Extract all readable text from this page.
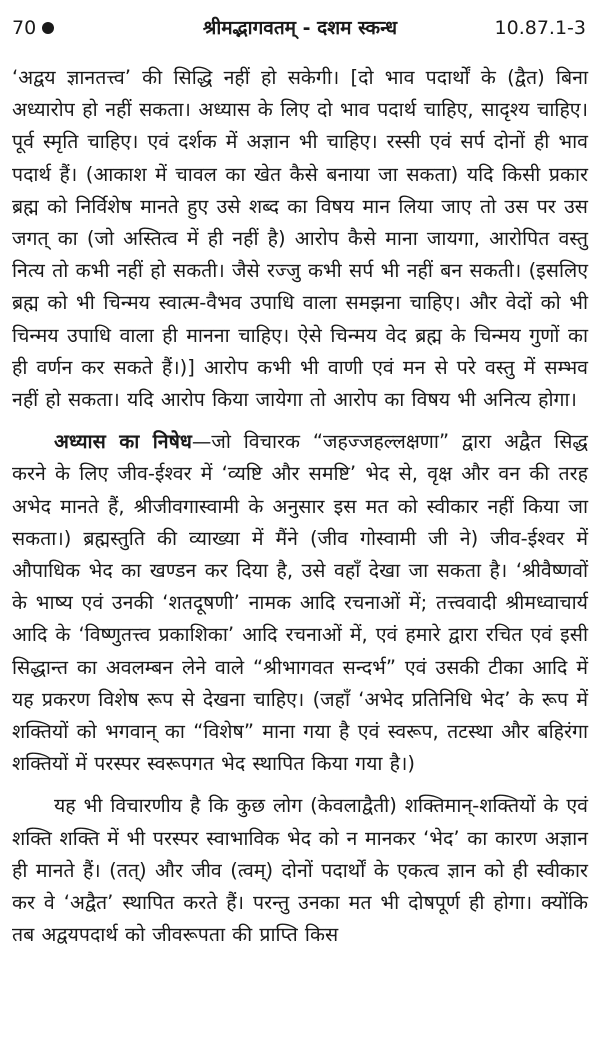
70	श्रीमद्भागवतम् - दशम स्कन्ध	10.87.1-3

‘अद्वय ज्ञानतत्त्व’ की सिद्धि नहीं हो सकेगी। [दो भाव पदार्थों के (द्वैत) बिना अध्यारोप हो नहीं सकता। अध्यास के लिए दो भाव पदार्थ चाहिए, सादृश्य चाहिए। पूर्व स्मृति चाहिए। एवं दर्शक में अज्ञान भी चाहिए। रस्सी एवं सर्प दोनों ही भाव पदार्थ हैं। (आकाश में चावल का खेत कैसे बनाया जा सकता) यदि किसी प्रकार ब्रह्म को निर्विशेष मानते हुए उसे शब्द का विषय मान लिया जाए तो उस पर उस जगत् का (जो अस्तित्व में ही नहीं है) आरोप कैसे माना जायगा, आरोपित वस्तु नित्य तो कभी नहीं हो सकती। जैसे रज्जु कभी सर्प भी नहीं बन सकती। (इसलिए ब्रह्म को भी चिन्मय स्वात्म-वैभव उपाधि वाला समझना चाहिए। और वेदों को भी चिन्मय उपाधि वाला ही मानना चाहिए। ऐसे चिन्मय वेद ब्रह्म के चिन्मय गुणों का ही वर्णन कर सकते हैं।)] आरोप कभी भी वाणी एवं मन से परे वस्तु में सम्भव नहीं हो सकता। यदि आरोप किया जायेगा तो आरोप का विषय भी अनित्य होगा।

अध्यास का निषेध—जो विचारक “जहज्जहल्लक्षणा” द्वारा अद्वैत सिद्ध करने के लिए जीव-ईश्वर में ‘व्यष्टि और समष्टि’ भेद से, वृक्ष और वन की तरह अभेद मानते हैं, श्रीजीवगास्वामी के अनुसार इस मत को स्वीकार नहीं किया जा सकता।) ब्रह्मस्तुति की व्याख्या में मैंने (जीव गोस्वामी जी ने) जीव-ईश्वर में औपाधिक भेद का खण्डन कर दिया है, उसे वहाँ देखा जा सकता है। ‘श्रीवैष्णवों के भाष्य एवं उनकी ‘शतदूषणी’ नामक आदि रचनाओं में; तत्त्ववादी श्रीमध्वाचार्य आदि के ‘विष्णुतत्त्व प्रकाशिका’ आदि रचनाओं में, एवं हमारे द्वारा रचित एवं इसी सिद्धान्त का अवलम्बन लेने वाले “श्रीभागवत सन्दर्भ” एवं उसकी टीका आदि में यह प्रकरण विशेष रूप से देखना चाहिए। (जहाँ ‘अभेद प्रतिनिधि भेद’ के रूप में शक्तियों को भगवान् का “विशेष” माना गया है एवं स्वरूप, तटस्था और बहिरंगा शक्तियों में परस्पर स्वरूपगत भेद स्थापित किया गया है।)

यह भी विचारणीय है कि कुछ लोग (केवलाद्वैती) शक्तिमान्-शक्तियों के एवं शक्ति शक्ति में भी परस्पर स्वाभाविक भेद को न मानकर ‘भेद’ का कारण अज्ञान ही मानते हैं। (तत्) और जीव (त्वम्) दोनों पदार्थों के एकत्व ज्ञान को ही स्वीकार कर वे ‘अद्वैत’ स्थापित करते हैं। परन्तु उनका मत भी दोषपूर्ण ही होगा। क्योंकि तब अद्वयपदार्थ को जीवरूपता की प्राप्ति किस
